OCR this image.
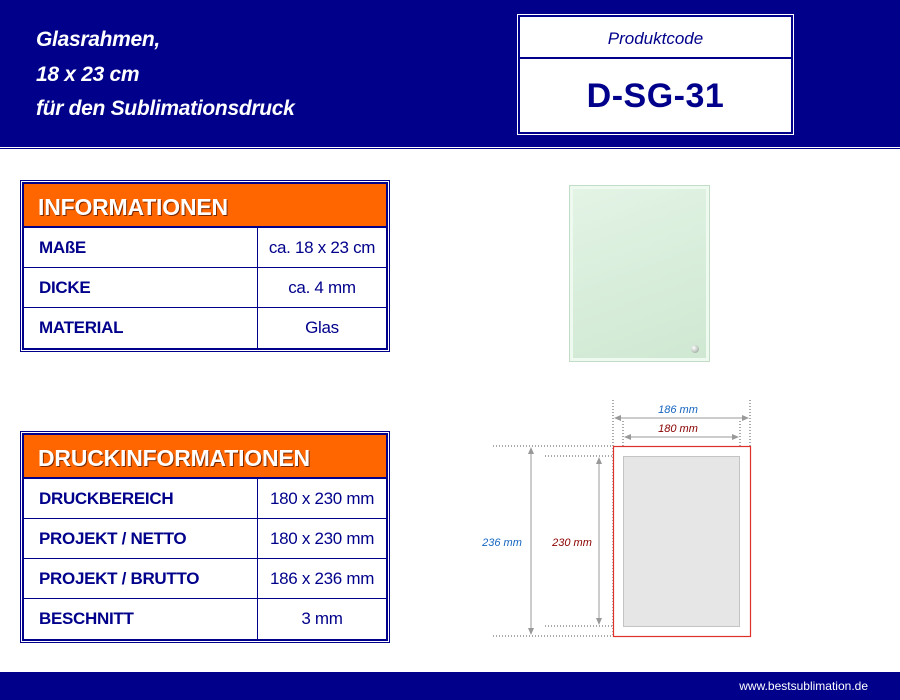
Glasrahmen,
18 x 23 cm
für den Sublimationsdruck
Produktcode
D-SG-31
INFORMATIONEN
MAßE	ca. 18 x 23 cm
DICKE	ca. 4 mm
MATERIAL	Glas
DRUCKINFORMATIONEN
DRUCKBEREICH	180 x 230 mm
PROJEKT / NETTO	180 x 230 mm
PROJEKT / BRUTTO	186 x 236 mm
BESCHNITT	3 mm
186 mm
180 mm
236 mm	230 mm
www.bestsublimation.de
